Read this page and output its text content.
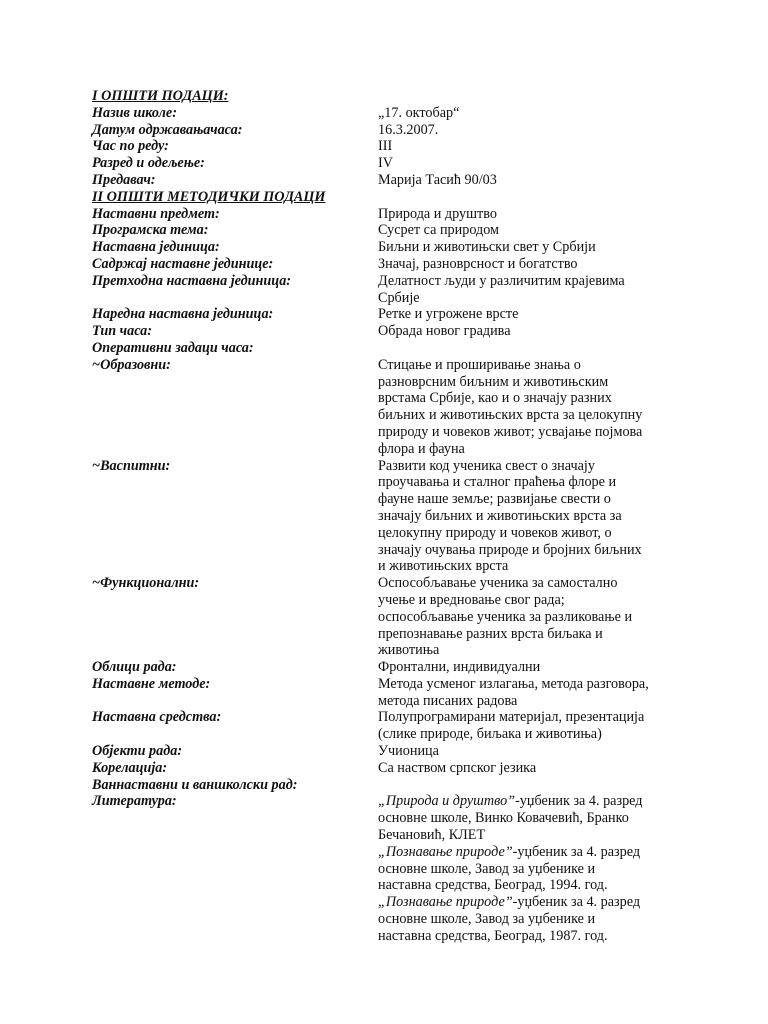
I ОПШТИ ПОДАЦИ:
Назив школе:	„17. октобар“
Датум одржавањачаса:	16.3.2007.
Час по реду:	III
Разред и одељење:	IV
Предавач:	Марија Тасић 90/03
II ОПШТИ МЕТОДИЧКИ ПОДАЦИ
Наставни предмет:	Природа и друштво
Програмска тема:	Сусрет са природом
Наставна јединица:	Биљни и животињски свет у Србији
Садржај наставне јединице:	Значај, разноврсност и богатство
Претходна наставна јединица:	Делатност људи у различитим крајевима
Србије
Наредна наставна јединица:	Ретке и угрожене врсте
Тип часа:	Обрада новог градива
Оперативни задаци часа:
~Образовни:	Стицање и проширивање знања о
разноврсним биљним и животињским
врстама Србије, као и о значају разних
биљних и животињских врста за целокупну
природу и човеков живот; усвајање појмова
флора и фауна
~Васпитни:	Развити код ученика свест о значају
проучавања и сталног праћења флоре и
фауне наше земље; развијање свести о
значају биљних и животињских врста за
целокупну природу и човеков живот, о
значају очувања природе и бројних биљних
и животињских врста
~Функционални:	Оспособљавање ученика за самостално
учење и вредновање свог рада;
оспособљавање ученика за разликовање и
препознавање разних врста биљака и
животиња
Облици рада:	Фронтални, индивидуални
Наставне методе:	Метода усменог излагања, метода разговора,
метода писаних радова
Наставна средства:	Полупрограмирани материјал, презентација
(слике природе, биљака и животиња)
Објекти рада:	Учионица
Корелација:	Са наством српског језика
Ваннаставни и ваншколски рад:
Литература:	„Природа и друштво”-уџбеник за 4. разред
основне школе, Винко Ковачевић, Бранко
Бечановић, КЛЕТ
„Познавање природе”-уџбеник за 4. разред
основне школе, Завод за уџбенике и
наставна средства, Београд, 1994. год.
„Познавање природе”-уџбеник за 4. разред
основне школе, Завод за уџбенике и
наставна средства, Београд, 1987. год.
